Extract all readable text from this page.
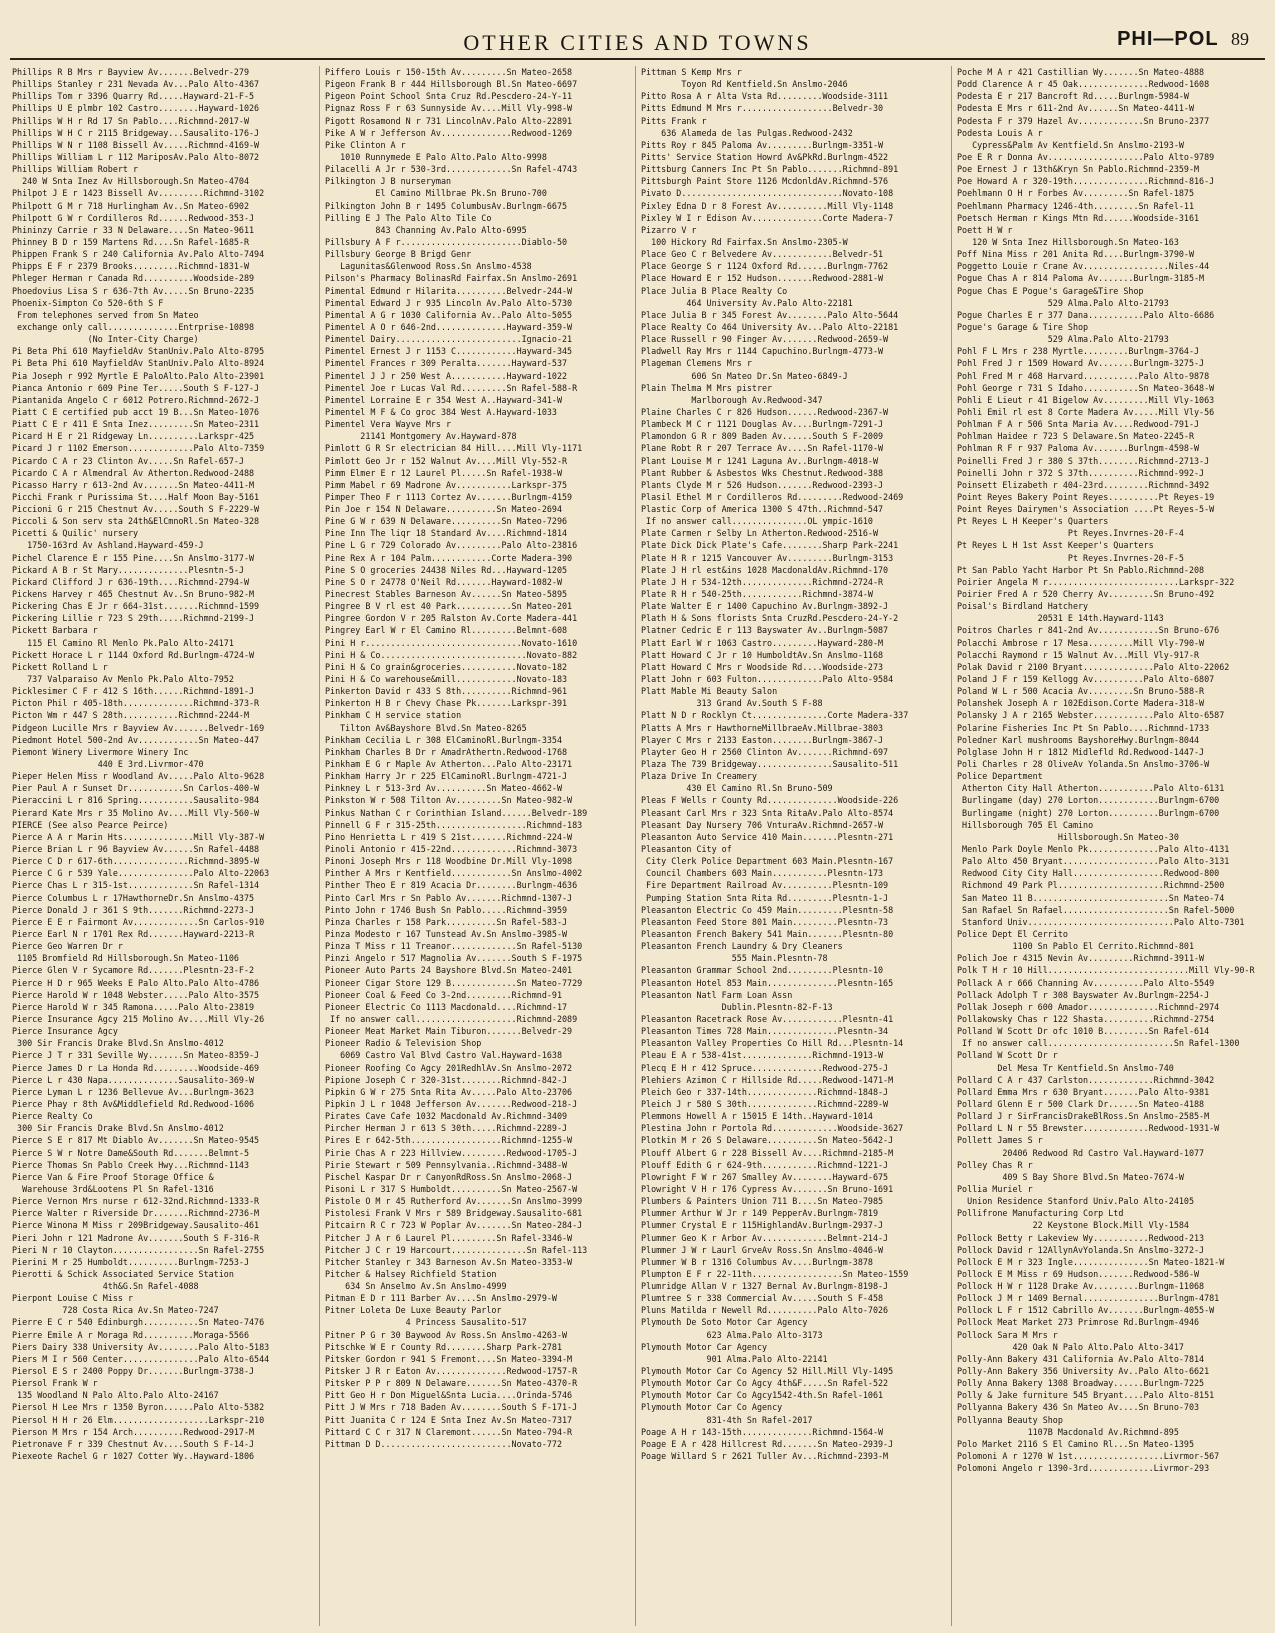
OTHER CITIES AND TOWNS	PHI—POL 89
Phillips R B Mrs r Bayview Av.......Belvedr-279
Phillips Stanley r 231 Nevada Av...Palo Alto-4367
Phillips Tom r 3396 Quarry Rd.....Hayward-21-F-5
Phillips U E plmbr 102 Castro........Hayward-1026
Phillips W H r Rd 17 Sn Pablo....Richmnd-2017-W
Phillips W H C r 2115 Bridgeway...Sausalito-176-J
Phillips W N r 1108 Bissell Av.....Richmnd-4169-W
Phillips William L r 112 MariposAv.Palo Alto-8072
Phillips William Robert r
240 W Snta Inez Av Hillsborough.Sn Mateo-4704
Philpot J E r 1423 Bissell Av.........Richmnd-3102
Philpott G M r 718 Hurlingham Av..Sn Mateo-6902
Philpott G W r Cordilleros Rd......Redwood-353-J
Phininzy Carrie r 33 N Delaware....Sn Mateo-9611
Phinney B D r 159 Martens Rd....Sn Rafel-1685-R
Phippen Frank S r 240 California Av.Palo Alto-7494
Phipps E F r 2379 Brooks.........Richmnd-1831-W
Phleger Herman r Canada Rd..........Woodside-289
Phoedovius Lisa S r 636-7th Av.....Sn Bruno-2235
Phoenix-Simpton Co 520-6th S F
From telephones served from Sn Mateo
exchange only call..............Entrprise-10898
(No Inter-City Charge)
Pi Beta Phi 610 MayfieldAv StanUniv.Palo Alto-8795
Pi Beta Phi 610 MayfieldAv StanUniv.Palo Alto-8924
Pia Joseph r 992 Myrtle E PaloAlto.Palo Alto-23901
Pianca Antonio r 609 Pine Ter.....South S F-127-J
Piantanida Angelo C r 6012 Potrero.Richmnd-2672-J
Piatt C E certified pub acct 19 B...Sn Mateo-1076
Piatt C E r 411 E Snta Inez.........Sn Mateo-2311
Picard H E r 21 Ridgeway Ln..........Larkspr-425
Picard J r 1102 Emerson.............Palo Alto-7359
Picardo C A r 23 Clinton Av.....Sn Rafel-657-J
Picardo C A r Almendral Av Atherton.Redwood-2488
Picasso Harry r 613-2nd Av.......Sn Mateo-4411-M
Picchi Frank r Purissima St....Half Moon Bay-5161
Piccioni G r 215 Chestnut Av.....South S F-2229-W
Piccoli & Son serv sta 24th&ElCmnoRl.Sn Mateo-328
Picetti & Quilic' nursery
1750-163rd Av Ashland.Hayward-459-J
Pichel Clarence E r 155 Pine....Sn Anslmo-3177-W
Pickard A B r St Mary..............Plesntn-5-J
Pickard Clifford J r 636-19th....Richmnd-2794-W
Pickens Harvey r 465 Chestnut Av..Sn Bruno-982-M
Pickering Chas E Jr r 664-31st.......Richmnd-1599
Pickering Lillie r 723 S 29th.....Richmnd-2199-J
Pickett Barbara r
115 El Camino Rl Menlo Pk.Palo Alto-24171
Pickett Horace L r 1144 Oxford Rd.Burlngm-4724-W
Pickett Rolland L r
737 Valparaiso Av Menlo Pk.Palo Alto-7952
Picklesimer C F r 412 S 16th......Richmnd-1891-J
Picton Phil r 405-18th..............Richmnd-373-R
Picton Wm r 447 S 28th...........Richmnd-2244-M
Pidgeon Lucille Mrs r Bayview Av.......Belvedr-169
Piedmont Hotel 500-2nd Av............Sn Mateo-447
Piemont Winery Livermore Winery Inc
440 E 3rd.Livrmor-470
Pieper Helen Miss r Woodland Av.....Palo Alto-9628
Pier Paul A r Sunset Dr...........Sn Carlos-400-W
Pieraccini L r 816 Spring...........Sausalito-984
Pierard Kate Mrs r 35 Molino Av....Mill Vly-560-W
PIERCE (See also Pearce Peirce)
Pierce A A r Marin Hts..............Mill Vly-387-W
Pierce Brian L r 96 Bayview Av......Sn Rafel-4488
Pierce C D r 617-6th...............Richmnd-3895-W
Pierce C G r 539 Yale...............Palo Alto-22063
Pierce Chas L r 315-1st.............Sn Rafel-1314
Pierce Columbus L r 17HawthorneDr.Sn Anslmo-4375
Pierce Donald J r 361 S 9th.......Richmnd-2273-J
Pierce E E r Fairmont Av.............Sn Carlos-910
Pierce Earl N r 1701 Rex Rd.......Hayward-2213-R
Pierce Geo Warren Dr r
1105 Bromfield Rd Hillsborough.Sn Mateo-1106
Pierce Glen V r Sycamore Rd.......Plesntn-23-F-2
Pierce H D r 965 Weeks E Palo Alto.Palo Alto-4786
Pierce Harold W r 1048 Webster.....Palo Alto-3575
Pierce Harold W r 345 Ramona.....Palo Alto-23819
Pierce Insurance Agcy 215 Molino Av....Mill Vly-26
Pierce Insurance Agcy
300 Sir Francis Drake Blvd.Sn Anslmo-4012
Pierce J T r 331 Seville Wy.......Sn Mateo-8359-J
Pierce James D r La Honda Rd.........Woodside-469
Pierce L r 430 Napa..............Sausalito-369-W
Pierce Lyman L r 1236 Bellevue Av...Burlngm-3623
Pierce Phay r 8th Av&Middlefield Rd.Redwood-1606
Pierce Realty Co
300 Sir Francis Drake Blvd.Sn Anslmo-4012
Pierce S E r 817 Mt Diablo Av.......Sn Mateo-9545
Pierce S W r Notre Dame&South Rd.......Belmnt-5
Pierce Thomas Sn Pablo Creek Hwy...Richmnd-1143
Pierce Van & Fire Proof Storage Office &
Warehouse 3rd&Lootens Pl Sn Rafel-1316
Pierce Vernon Mrs nurse r 612-32nd.Richmnd-1333-R
Pierce Walter r Riverside Dr.......Richmnd-2736-M
Pierce Winona M Miss r 209Bridgeway.Sausalito-461
Pieri John r 121 Madrone Av.......South S F-316-R
Pieri N r 10 Clayton.................Sn Rafel-2755
Pierini M r 25 Humboldt..........Burlngm-7253-J
Pierotti & Schick Associated Service Station
4th&G.Sn Rafel-4088
Pierpont Louise C Miss r
728 Costa Rica Av.Sn Mateo-7247
Pierre E C r 540 Edinburgh...........Sn Mateo-7476
Pierre Emile A r Moraga Rd..........Moraga-5566
Piers Dairy 338 University Av........Palo Alto-5183
Piers M I r 560 Center...............Palo Alto-6544
Piersol E S r 2400 Poppy Dr.......Burlngm-3738-J
Piersol Frank W r
135 Woodland N Palo Alto.Palo Alto-24167
Piersol H Lee Mrs r 1350 Byron......Palo Alto-5382
Piersol H H r 26 Elm...................Larkspr-210
Pierson M Mrs r 154 Arch..........Redwood-2917-M
Pietronave F r 339 Chestnut Av....South S F-14-J
Piexeote Rachel G r 1027 Cotter Wy..Hayward-1806
Piffero Louis r 150-15th Av.........Sn Mateo-2658
Pigeon Frank B r 444 Hillsborough Bl.Sn Mateo-6697
Pigeon Point School Snta Cruz Rd.Pescdero-24-Y-11
Pignaz Ross F r 63 Sunnyside Av....Mill Vly-998-W
Pigott Rosamond N r 731 LincolnAv.Palo Alto-22891
Pike A W r Jefferson Av..............Redwood-1269
Pike Clinton A r
1010 Runnymede E Palo Alto.Palo Alto-9998
Pilacelli A Jr r 530-3rd.............Sn Rafel-4743
Pilkington J B nurseryman
El Camino Millbrae Pk.Sn Bruno-700
Pilkington John B r 1495 ColumbusAv.Burlngm-6675
Pilling E J The Palo Alto Tile Co
843 Channing Av.Palo Alto-6995
Pillsbury A F r........................Diablo-50
Pillsbury George B Brigd Genr
Lagunitas&Glenwood Ross.Sn Anslmo-4538
Pilson's Pharmacy BolinasRd Fairfax.Sn Anslmo-2691
Pimental Edmund r Hilarita..........Belvedr-244-W
Pimental Edward J r 935 Lincoln Av.Palo Alto-5730
Pimental A G r 1030 California Av..Palo Alto-5055
Pimentel A O r 646-2nd..............Hayward-359-W
Pimentel Dairy.........................Ignacio-21
Pimentel Ernest J r 1153 C............Hayward-345
Pimentel Frances r 309 Peralta.......Hayward-537
Pimentel J J r 250 West A...........Hayward-1022
Pimentel Joe r Lucas Val Rd.........Sn Rafel-588-R
Pimentel Lorraine E r 354 West A..Hayward-341-W
Pimentel M F & Co groc 384 West A.Hayward-1033
Pimentel Vera Wayve Mrs r
21141 Montgomery Av.Hayward-878
Pimlott G R Sr electrician 84 Hill....Mill Vly-1171
Pimlott Geo Jr r 152 Walnut Av....Mill Vly-552-R
Pimm Elmer E r 12 Laurel Pl.....Sn Rafel-1938-W
Pimm Mabel r 69 Madrone Av...........Larkspr-375
Pimper Theo F r 1113 Cortez Av.......Burlngm-4159
Pin Joe r 154 N Delaware..........Sn Mateo-2694
Pine G W r 639 N Delaware..........Sn Mateo-7296
Pine Inn The liqr 18 Standard Av....Richmnd-1814
Pine L G r 729 Colorado Av.........Palo Alto-23816
Pine Rex A r 104 Palm............Corte Madera-390
Pine S O groceries 24438 Niles Rd...Hayward-1205
Pine S O r 24778 O'Neil Rd.......Hayward-1082-W
Pinecrest Stables Barneson Av......Sn Mateo-5895
Pingree B V rl est 40 Park...........Sn Mateo-201
Pingree Gordon V r 205 Ralston Av.Corte Madera-441
Pingrey Earl W r El Camino Rl.........Belmnt-608
Pini H r...............................Novato-1610
Pini H & Co.............................Novato-882
Pini H & Co grain&groceries...........Novato-182
Pini H & Co warehouse&mill............Novato-183
Pinkerton David r 433 S 8th..........Richmnd-961
Pinkerton H B r Chevy Chase Pk.......Larkspr-391
Pinkham C H service station
Tilton Av&Bayshore Blvd.Sn Mateo-8265
Pinkham Cecilia L r 308 ElCaminoRl.Burlngm-3354
Pinkham Charles B Dr r AmadrAthertn.Redwood-1768
Pinkham E G r Maple Av Atherton...Palo Alto-23171
Pinkham Harry Jr r 225 ElCaminoRl.Burlngm-4721-J
Pinkney L r 513-3rd Av..........Sn Mateo-4662-W
Pinkston W r 508 Tilton Av.........Sn Mateo-982-W
Pinkus Nathan C r Corinthian Island......Belvedr-189
Pinnell G F r 315-25th..................Richmnd-183
Pino Henrietta L r 419 S 21st.......Richmnd-224-W
Pinoli Antonio r 415-22nd.............Richmnd-3073
Pinoni Joseph Mrs r 118 Woodbine Dr.Mill Vly-1098
Pinther A Mrs r Kentfield............Sn Anslmo-4002
Pinther Theo E r 819 Acacia Dr........Burlngm-4636
Pinto Carl Mrs r Sn Pablo Av.......Richmnd-1307-J
Pinto John r 1746 Bush Sn Pablo.....Richmnd-3959
Pinza Charles r 158 Park..........Sn Rafel-583-J
Pinza Modesto r 167 Tunstead Av.Sn Anslmo-3985-W
Pinza T Miss r 11 Treanor.............Sn Rafel-5130
Pinzi Angelo r 517 Magnolia Av.......South S F-1975
Pioneer Auto Parts 24 Bayshore Blvd.Sn Mateo-2401
Pioneer Cigar Store 129 B.............Sn Mateo-7729
Pioneer Coal & Feed Co 3-2nd.........Richmnd-91
Pioneer Electric Co 1113 Macdonald....Richmnd-17
If no answer call....................Richmnd-2089
Pioneer Meat Market Main Tiburon.......Belvedr-29
Pioneer Radio & Television Shop
6069 Castro Val Blvd Castro Val.Hayward-1638
Pioneer Roofing Co Agcy 201RedhlAv.Sn Anslmo-2072
Pipione Joseph C r 320-31st........Richmnd-842-J
Pipkin G W r 275 Snta Rita Av.....Palo Alto-23706
Pipkin J L r 1048 Jefferson Av.......Redwood-218-J
Pirates Cave Cafe 1032 Macdonald Av.Richmnd-3409
Pircher Herman J r 613 S 30th.....Richmnd-2289-J
Pires E r 642-5th..................Richmnd-1255-W
Pirie Chas A r 223 Hillview.........Redwood-1705-J
Pirie Stewart r 509 Pennsylvania..Richmnd-3488-W
Pischel Kaspar Dr r CanyonRdRoss.Sn Anslmo-2068-J
Pisoni L r 317 S Humboldt..........Sn Mateo-2567-W
Pistole O M r 45 Rutherford Av.......Sn Anslmo-3999
Pistolesi Frank V Mrs r 589 Bridgeway.Sausalito-681
Pitcairn R C r 723 W Poplar Av.......Sn Mateo-284-J
Pitcher J A r 6 Laurel Pl.........Sn Rafel-3346-W
Pitcher J C r 19 Harcourt...............Sn Rafel-113
Pitcher Stanley r 343 Barneson Av.Sn Mateo-3353-W
Pitcher & Halsey Richfield Station
634 Sn Anselmo Av.Sn Anslmo-4999
Pitman E D r 111 Barber Av....Sn Anslmo-2979-W
Pitner Loleta De Luxe Beauty Parlor
4 Princess Sausalito-517
Pitner P G r 30 Baywood Av Ross.Sn Anslmo-4263-W
Pitschke W E r County Rd........Sharp Park-2781
Pitsker Gordon r 941 S Fremont....Sn Mateo-3394-M
Pitsker J R r Eaton Av..............Redwood-1757-R
Pitsker P P r 809 N Delaware.......Sn Mateo-4370-R
Pitt Geo H r Don Miguel&Snta Lucia....Orinda-5746
Pitt J W Mrs r 718 Baden Av........South S F-171-J
Pitt Juanita C r 124 E Snta Inez Av.Sn Mateo-7317
Pittard C C r 317 N Claremont......Sn Mateo-794-R
Pittman D D..........................Novato-772
Pittman S Kemp Mrs r
Toyon Rd Kentfield.Sn Anslmo-2046
Pitto Rosa A r Alta Vsta Rd.........Woodside-3111
Pitts Edmund M Mrs r..................Belvedr-30
Pitts Frank r
636 Alameda de las Pulgas.Redwood-2432
Pitts Roy r 845 Paloma Av.........Burlngm-3351-W
Pitts' Service Station Howrd Av&PkRd.Burlngm-4522
Pittsburg Canners Inc Pt Sn Pablo.......Richmnd-891
Pittsburgh Paint Store 1126 McdonldAv.Richmnd-576
Pivato D................................Novato-108
Pixley Edna D r 8 Forest Av..........Mill Vly-1148
Pixley W I r Edison Av..............Corte Madera-7
Pizarro V r
100 Hickory Rd Fairfax.Sn Anslmo-2305-W
Place Geo C r Belvedere Av............Belvedr-51
Place George S r 1124 Oxford Rd......Burlngm-7762
Place Howard E r 152 Hudson.......Redwood-2881-W
Place Julia B Place Realty Co
464 University Av.Palo Alto-22181
Place Julia B r 345 Forest Av........Palo Alto-5644
Place Realty Co 464 University Av...Palo Alto-22181
Place Russell r 90 Finger Av.......Redwood-2659-W
Pladwell Ray Mrs r 1144 Capuchino.Burlngm-4773-W
Plageman Clemens Mrs r
606 Sn Mateo Dr.Sn Mateo-6849-J
Plain Thelma M Mrs pistrer
Marlborough Av.Redwood-347
Plaine Charles C r 826 Hudson......Redwood-2367-W
Plambeck M C r 1121 Douglas Av....Burlngm-7291-J
Plamondon G R r 809 Baden Av......South S F-2009
Plane Robt R r 207 Terrace Av....Sn Rafel-1170-W
Plant Louise M r 1241 Laguna Av..Burlngm-4018-W
Plant Rubber & Asbestos Wks Chestnut.Redwood-388
Plants Clyde M r 526 Hudson.......Redwood-2393-J
Plasil Ethel M r Cordilleros Rd.........Redwood-2469
Plastic Corp of America 1300 S 47th..Richmnd-547
If no answer call...............OL ympic-1610
Plate Carmen r Selby Ln Atherton.Redwood-2516-W
Plate Dick Dick Plate's Cafe........Sharp Park-2241
Plate H R r 1215 Vancouver Av.........Burlngm-3153
Plate J H rl est&ins 1028 MacdonaldAv.Richmnd-170
Plate J H r 534-12th..............Richmnd-2724-R
Plate R H r 540-25th............Richmnd-3874-W
Plate Walter E r 1400 Capuchino Av.Burlngm-3892-J
Plath H & Sons florists Snta CruzRd.Pescdero-24-Y-2
Platner Cedric E r 113 Bayswater Av..Burlngm-5087
Platt Earl W r 1063 Castro.........Hayward-280-M
Platt Howard C Jr r 10 HumboldtAv.Sn Anslmo-1168
Platt Howard C Mrs r Woodside Rd....Woodside-273
Platt John r 603 Fulton.............Palo Alto-9584
Platt Mable Mi Beauty Salon
313 Grand Av.South S F-88
Platt N D r Rocklyn Ct...............Corte Madera-337
Platts A Mrs r HawthorneMillbraeAv.Millbrae-3803
Player C Mrs r 2133 Easton........Burlngm-3867-J
Playter Geo H r 2560 Clinton Av.......Richmnd-697
Plaza The 739 Bridgeway...............Sausalito-511
Plaza Drive In Creamery
430 El Camino Rl.Sn Bruno-509
Pleas F Wells r County Rd..............Woodside-226
Pleasant Carl Mrs r 323 Snta RitaAv.Palo Alto-8574
Pleasant Day Nursery 706 VnturaAv.Richmnd-2657-W
Pleasanton Auto Service 410 Main.......Plesntn-271
Pleasanton City of
City Clerk Police Department 603 Main.Plesntn-167
Council Chambers 603 Main...........Plesntn-173
Fire Department Railroad Av..........Plesntn-109
Pumping Station Snta Rita Rd.........Plesntn-1-J
Pleasanton Electric Co 459 Main.........Plesntn-58
Pleasanton Feed Store 801 Main.........Plesntn-73
Pleasanton French Bakery 541 Main.......Plesntn-80
Pleasanton French Laundry & Dry Cleaners
555 Main.Plesntn-78
Pleasanton Grammar School 2nd.........Plesntn-10
Pleasanton Hotel 853 Main..............Plesntn-165
Pleasanton Natl Farm Loan Assn
Dublin.Plesntn-82-F-13
Pleasanton Racetrack Rose Av............Plesntn-41
Pleasanton Times 728 Main..............Plesntn-34
Pleasanton Valley Properties Co Hill Rd...Plesntn-14
Pleau E A r 538-41st..............Richmnd-1913-W
Plecq E H r 412 Spruce..............Redwood-275-J
Plehiers Azimon C r Hillside Rd.....Redwood-1471-M
Pleich Geo r 337-14th..............Richmnd-1848-J
Pleich J r 580 S 30th..............Richmnd-2289-W
Plemmons Howell A r 15015 E 14th..Hayward-1014
Plestina John r Portola Rd.............Woodside-3627
Plotkin M r 26 S Delaware..........Sn Mateo-5642-J
Plouff Albert G r 228 Bissell Av....Richmnd-2185-M
Plouff Edith G r 624-9th...........Richmnd-1221-J
Plowright F W r 267 Smalley Av........Hayward-675
Plowright V H r 176 Cypress Av.......Sn Bruno-1691
Plumbers & Painters Union 711 B....Sn Mateo-7985
Plummer Arthur W Jr r 149 PepperAv.Burlngm-7819
Plummer Crystal E r 115HighlandAv.Burlngm-2937-J
Plummer Geo K r Arbor Av.............Belmnt-214-J
Plummer J W r Laurl GrveAv Ross.Sn Anslmo-4046-W
Plummer W B r 1316 Columbus Av....Burlngm-3878
Plumpton E F r 22-11th..................Sn Mateo-1559
Plumridge Allan V r 1327 Bernal Av.Burlngm-8198-J
Plumtree S r 338 Commercial Av.....South S F-458
Pluns Matilda r Newell Rd..........Palo Alto-7026
Plymouth De Soto Motor Car Agency
623 Alma.Palo Alto-3173
Plymouth Motor Car Agency
901 Alma.Palo Alto-22141
Plymouth Motor Car Co Agency 52 Hill.Mill Vly-1495
Plymouth Motor Car Co Agcy 4th&F.....Sn Rafel-522
Plymouth Motor Car Co Agcy1542-4th.Sn Rafel-1061
Plymouth Motor Car Co Agency
831-4th Sn Rafel-2017
Poage A H r 143-15th..............Richmnd-1564-W
Poage E A r 428 Hillcrest Rd.......Sn Mateo-2939-J
Poage Willard S r 2621 Tuller Av...Richmnd-2393-M
Poche M A r 421 Castillian Wy.......Sn Mateo-4888
Podd Clarence A r 45 Oak..............Redwood-1608
Podesta E r 217 Bancroft Rd.....Burlngm-5984-W
Podesta E Mrs r 611-2nd Av......Sn Mateo-4411-W
Podesta F r 379 Hazel Av.............Sn Bruno-2377
Podesta Louis A r
Cypress&Palm Av Kentfield.Sn Anslmo-2193-W
Poe E R r Donna Av...................Palo Alto-9789
Poe Ernest J r 13th&Kryn Sn Pablo.Richmnd-2359-M
Poe Howard A r 320-19th...............Richmnd-816-J
Poehlmann O H r Forbes Av.........Sn Rafel-1875
Poehlmann Pharmacy 1246-4th.........Sn Rafel-11
Poetsch Herman r Kings Mtn Rd......Woodside-3161
Poett H W r
120 W Snta Inez Hillsborough.Sn Mateo-163
Poff Nina Miss r 201 Anita Rd....Burlngm-3790-W
Poggetto Louie r Crane Av.................Niles-44
Pogue Chas A r 814 Paloma Av.......Burlngm-3185-M
Pogue Chas E Pogue's Garage&Tire Shop
529 Alma.Palo Alto-21793
Pogue Charles E r 377 Dana...........Palo Alto-6686
Pogue's Garage & Tire Shop
529 Alma.Palo Alto-21793
Pohl F L Mrs r 238 Myrtle.........Burlngm-3764-J
Pohl Fred J r 1509 Howard Av.......Burlngm-3275-J
Pohl Fred M r 468 Harvard...........Palo Alto-9878
Pohl George r 731 S Idaho...........Sn Mateo-3648-W
Pohli E Lieut r 41 Bigelow Av.........Mill Vly-1063
Pohli Emil rl est 8 Corte Madera Av.....Mill Vly-56
Pohlman F A r 506 Snta Maria Av....Redwood-791-J
Pohlman Haidee r 723 S Delaware.Sn Mateo-2245-R
Pohlman R F r 937 Paloma Av.......Burlngm-4598-W
Poinelli Fred J r 380 S 37th........Richmnd-2713-J
Poinelli John r 372 S 37th..........Richmnd-992-J
Poinsett Elizabeth r 404-23rd.........Richmnd-3492
Point Reyes Bakery Point Reyes..........Pt Reyes-19
Point Reyes Dairymen's Association ....Pt Reyes-5-W
Pt Reyes L H Keeper's Quarters
Pt Reyes.Invrnes-20-F-4
Pt Reyes L H 1st Asst Keeper's Quarters
Pt Reyes.Invrnes-20-F-5
Pt San Pablo Yacht Harbor Pt Sn Pablo.Richmnd-208
Poirier Angela M r..........................Larkspr-322
Poirier Fred A r 520 Cherry Av.........Sn Bruno-492
Poisal's Birdland Hatchery
20531 E 14th.Hayward-1143
Poitros Charles r 841-2nd Av............Sn Bruno-676
Polacchi Ambrose r 17 Mesa.........Mill Vly-790-W
Polacchi Raymond r 15 Walnut Av...Mill Vly-917-R
Polak David r 2100 Bryant..............Palo Alto-22062
Poland J F r 159 Kellogg Av..........Palo Alto-6807
Poland W L r 500 Acacia Av.........Sn Bruno-588-R
Polanshek Joseph A r 102Edison.Corte Madera-318-W
Polansky J A r 2165 Webster............Palo Alto-6587
Polarine Fisheries Inc Pt Sn Pablo....Richmnd-1733
Poledner Karl mushrooms BayshoreHwy.Burlngm-8044
Polglase John H r 1812 Midlefld Rd.Redwood-1447-J
Poli Charles r 28 OliveAv Yolanda.Sn Anslmo-3706-W
Police Department
Atherton City Hall Atherton...........Palo Alto-6131
Burlingame (day) 270 Lorton............Burlngm-6700
Burlingame (night) 270 Lorton..........Burlngm-6700
Hillsborough 705 El Camino
Hillsborough.Sn Mateo-30
Menlo Park Doyle Menlo Pk..............Palo Alto-4131
Palo Alto 450 Bryant...................Palo Alto-3131
Redwood City City Hall..................Redwood-800
Richmond 49 Park Pl.....................Richmnd-2500
San Mateo 11 B...........................Sn Mateo-74
San Rafael Sn Rafael.....................Sn Rafel-5000
Stanford Univ.............................Palo Alto-7301
Police Dept El Cerrito
1100 Sn Pablo El Cerrito.Richmnd-801
Polich Joe r 4315 Nevin Av.........Richmnd-3911-W
Polk T H r 10 Hill............................Mill Vly-90-R
Pollack A r 666 Channing Av..........Palo Alto-5549
Pollack Adolph T r 308 Bayswater Av.Burlngm-2254-J
Pollak Joseph r 600 Amador..............Richmnd-2974
Pollakowsky Chas r 122 Shasta..........Richmnd-2754
Polland W Scott Dr ofc 1010 B.........Sn Rafel-614
If no answer call.........................Sn Rafel-1300
Polland W Scott Dr r
Del Mesa Tr Kentfield.Sn Anslmo-740
Pollard C A r 437 Carlston.............Richmnd-3042
Pollard Emma Mrs r 630 Bryant.......Palo Alto-9381
Pollard Glenn E r 500 Clark Dr......Sn Mateo-4188
Pollard J r SirFrancisDrakeBlRoss.Sn Anslmo-2585-M
Pollard L N r 55 Brewster.............Redwood-1931-W
Pollett James S r
20406 Redwood Rd Castro Val.Hayward-1077
Polley Chas R r
409 S Bay Shore Blvd.Sn Mateo-7674-W
Pollia Muriel r
Union Residence Stanford Univ.Palo Alto-24105
Pollifrone Manufacturing Corp Ltd
22 Keystone Block.Mill Vly-1584
Pollock Betty r Lakeview Wy...........Redwood-213
Pollock David r 12AllynAvYolanda.Sn Anslmo-3272-J
Pollock E M r 323 Ingle...............Sn Mateo-1821-W
Pollock E M Miss r 69 Hudson.......Redwood-586-W
Pollock H W r 1128 Drake Av.........Burlngm-11068
Pollock J M r 1409 Bernal...............Burlngm-4781
Pollock L F r 1512 Cabrillo Av.......Burlngm-4055-W
Pollock Meat Market 273 Primrose Rd.Burlngm-4946
Pollock Sara M Mrs r
420 Oak N Palo Alto.Palo Alto-3417
Polly-Ann Bakery 431 California Av.Palo Alto-7814
Polly-Ann Bakery 356 University Av..Palo Alto-6621
Polly Anna Bakery 1308 Broadway......Burlngm-7225
Polly & Jake furniture 545 Bryant....Palo Alto-8151
Pollyanna Bakery 436 Sn Mateo Av....Sn Bruno-703
Pollyanna Beauty Shop
1107B Macdonald Av.Richmnd-895
Polo Market 2116 S El Camino Rl...Sn Mateo-1395
Polomoni A r 1270 W 1st..................Livrmor-567
Polomoni Angelo r 1390-3rd.............Livrmor-293
